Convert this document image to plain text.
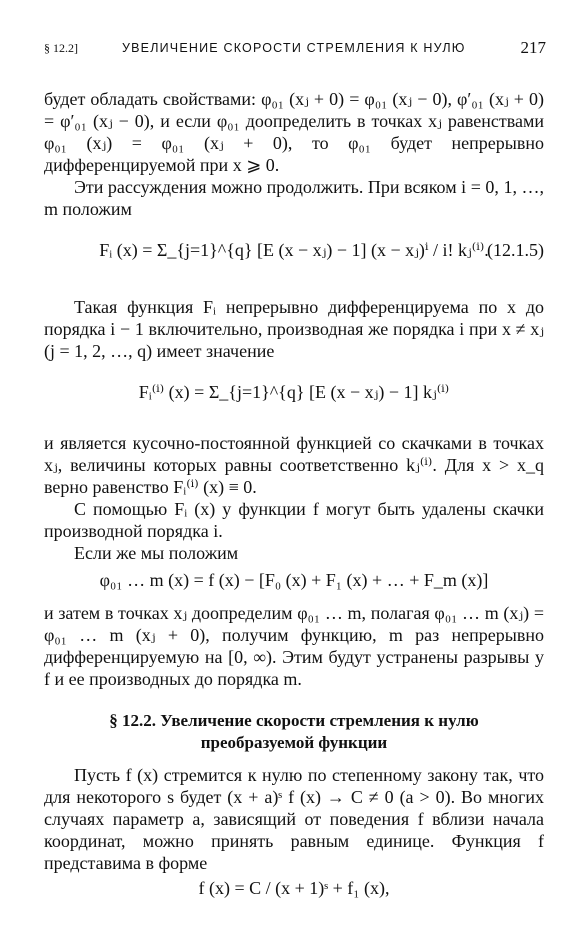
§ 12.2]	УВЕЛИЧЕНИЕ СКОРОСТИ СТРЕМЛЕНИЯ К НУЛЮ	217

будет обладать свойствами: φ₀₁ (xⱼ + 0) = φ₀₁ (xⱼ − 0), φ′₀₁ (xⱼ + 0) = φ′₀₁ (xⱼ − 0), и если φ₀₁ доопределить в точках xⱼ равенствами φ₀₁ (xⱼ) = φ₀₁ (xⱼ + 0), то φ₀₁ будет непрерывно дифференцируемой при x ⩾ 0.

Эти рассуждения можно продолжить. При всяком i = 0, 1, …, m положим

Fᵢ (x) = Σ_{j=1}^{q} [E (x − xⱼ) − 1] (x − xⱼ)ⁱ / i! kⱼ⁽ⁱ⁾.
(12.1.5)

Такая функция Fᵢ непрерывно дифференцируема по x до порядка i − 1 включительно, производная же порядка i при x ≠ xⱼ (j = 1, 2, …, q) имеет значение

Fᵢ⁽ⁱ⁾ (x) = Σ_{j=1}^{q} [E (x − xⱼ) − 1] kⱼ⁽ⁱ⁾

и является кусочно-постоянной функцией со скачками в точках xⱼ, величины которых равны соответственно kⱼ⁽ⁱ⁾. Для x > x_q верно равенство Fᵢ⁽ⁱ⁾ (x) ≡ 0.

С помощью Fᵢ (x) у функции f могут быть удалены скачки производной порядка i.

Если же мы положим

φ₀₁ … m (x) = f (x) − [F₀ (x) + F₁ (x) + … + F_m (x)]

и затем в точках xⱼ доопределим φ₀₁ … m, полагая φ₀₁ … m (xⱼ) = φ₀₁ … m (xⱼ + 0), получим функцию, m раз непрерывно дифференцируемую на [0, ∞). Этим будут устранены разрывы у f и ее производных до порядка m.

§ 12.2. Увеличение скорости стремления к нулю
преобразуемой функции

Пусть f (x) стремится к нулю по степенному закону так, что для некоторого s будет (x + a)ˢ f (x) → C ≠ 0 (a > 0). Во многих случаях параметр a, зависящий от поведения f вблизи начала координат, можно принять равным единице. Функция f представима в форме

f (x) = C / (x + 1)ˢ + f₁ (x),
